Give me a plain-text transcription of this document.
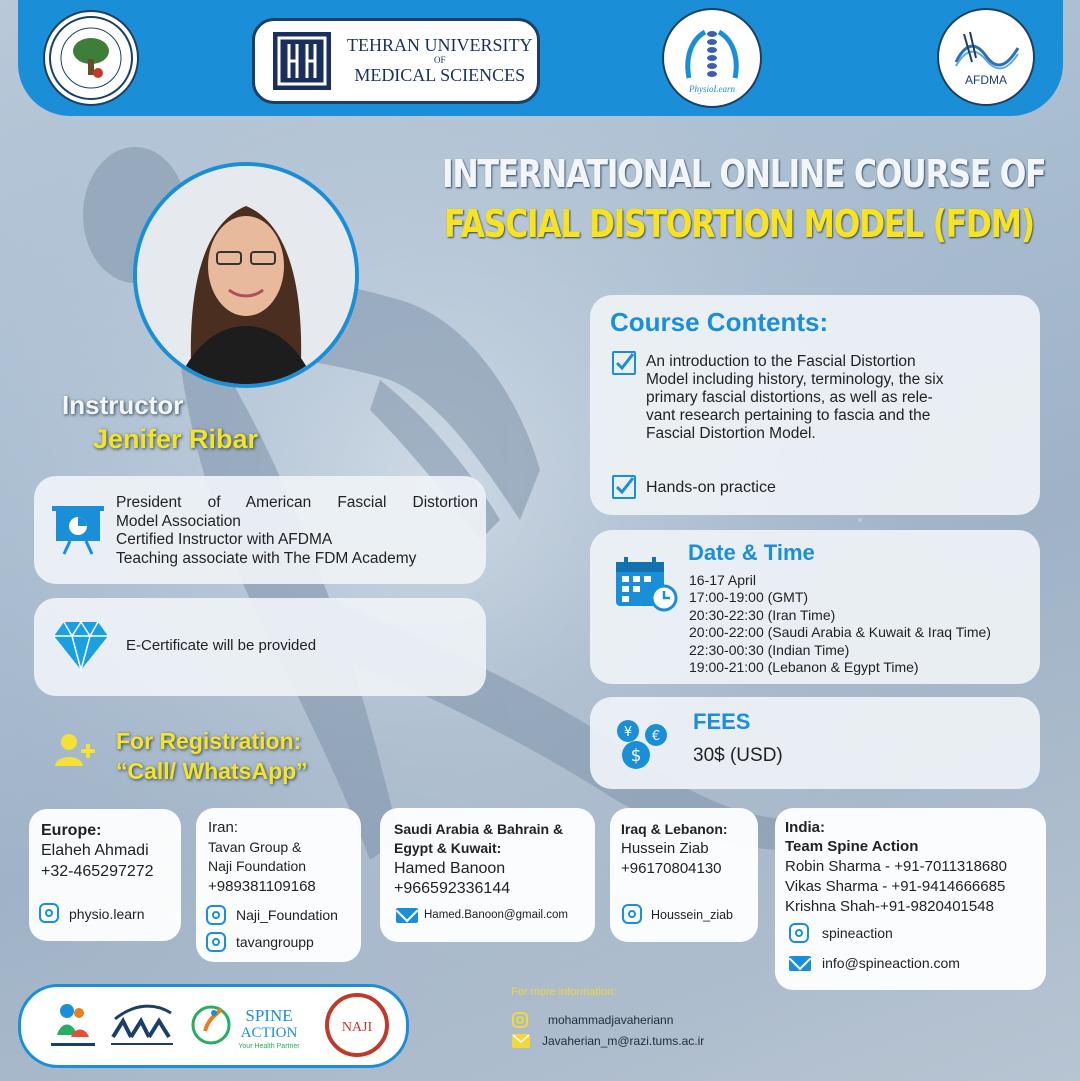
TEHRAN UNIVERSITY
OF
MEDICAL SCIENCES
PhysioLearn
AFDMA
INTERNATIONAL ONLINE COURSE OF
FASCIAL DISTORTION MODEL (FDM)
Instructor
Jenifer Ribar
President of American Fascial Distortion
Model Association
Certified Instructor with AFDMA
Teaching associate with The FDM Academy
E-Certificate will be provided
Course Contents:
An introduction to the Fascial Distortion
Model including history, terminology, the six
primary fascial distortions, as well as rele-
vant research pertaining to fascia and the
Fascial Distortion Model.
Hands-on practice
Date & Time
16-17 April
17:00-19:00 (GMT)
20:30-22:30 (Iran Time)
20:00-22:00 (Saudi Arabia & Kuwait & Iraq Time)
22:30-00:30 (Indian Time)
19:00-21:00 (Lebanon & Egypt Time)
¥ €
$
FEES
30$ (USD)
For Registration:
“Call/ WhatsApp”
Europe:
Elaheh Ahmadi
+32-465297272
physio.learn
Iran:
Tavan Group &
Naji Foundation
+989381109168
Naji_Foundation
tavangroupp
Saudi Arabia & Bahrain &
Egypt & Kuwait:
Hamed Banoon
+966592336144
Hamed.Banoon@gmail.com
Iraq & Lebanon:
Hussein Ziab
+96170804130
Houssein_ziab
India:
Team Spine Action
Robin Sharma - +91-7011318680
Vikas Sharma - +91-9414666685
Krishna Shah-+91-9820401548
spineaction
info@spineaction.com
SPINE
ACTION
Your Health Partner
NAJI
For more information:
mohammadjavaheriann
Javaherian_m@razi.tums.ac.ir
